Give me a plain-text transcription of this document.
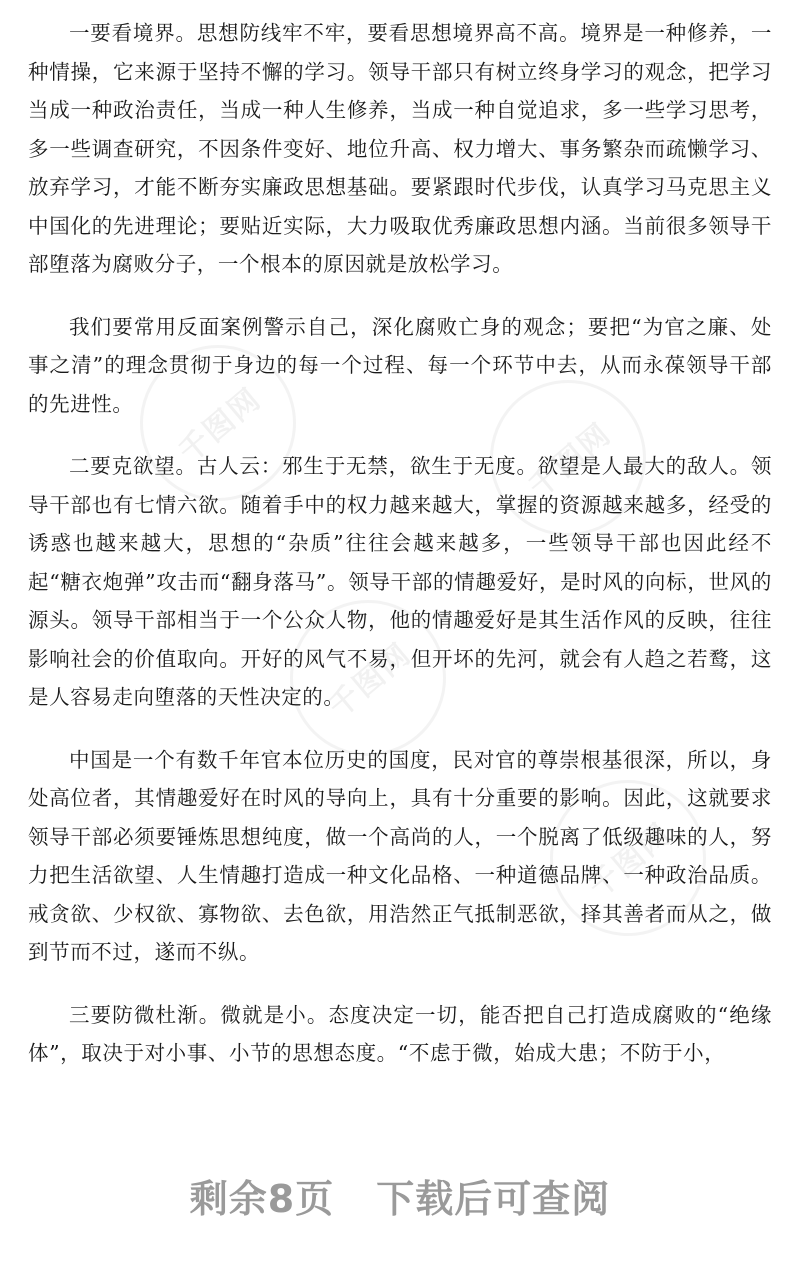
千图网	千图网
千图网
千图网

一要看境界。思想防线牢不牢，要看思想境界高不高。境界是一种修养，一种情操，它来源于坚持不懈的学习。领导干部只有树立终身学习的观念，把学习当成一种政治责任，当成一种人生修养，当成一种自觉追求，多一些学习思考，多一些调查研究，不因条件变好、地位升高、权力增大、事务繁杂而疏懒学习、放弃学习，才能不断夯实廉政思想基础。要紧跟时代步伐，认真学习马克思主义中国化的先进理论；要贴近实际，大力吸取优秀廉政思想内涵。当前很多领导干部堕落为腐败分子，一个根本的原因就是放松学习。

我们要常用反面案例警示自己，深化腐败亡身的观念；要把“为官之廉、处事之清”的理念贯彻于身边的每一个过程、每一个环节中去，从而永葆领导干部的先进性。

二要克欲望。古人云：邪生于无禁，欲生于无度。欲望是人最大的敌人。领导干部也有七情六欲。随着手中的权力越来越大，掌握的资源越来越多，经受的诱惑也越来越大，思想的“杂质”往往会越来越多，一些领导干部也因此经不起“糖衣炮弹”攻击而“翻身落马”。领导干部的情趣爱好，是时风的向标，世风的源头。领导干部相当于一个公众人物，他的情趣爱好是其生活作风的反映，往往影响社会的价值取向。开好的风气不易，但开坏的先河，就会有人趋之若鹜，这是人容易走向堕落的天性决定的。

中国是一个有数千年官本位历史的国度，民对官的尊崇根基很深，所以，身处高位者，其情趣爱好在时风的导向上，具有十分重要的影响。因此，这就要求领导干部必须要锤炼思想纯度，做一个高尚的人，一个脱离了低级趣味的人，努力把生活欲望、人生情趣打造成一种文化品格、一种道德品牌、一种政治品质。戒贪欲、少权欲、寡物欲、去色欲，用浩然正气抵制恶欲，择其善者而从之，做到节而不过，遂而不纵。

三要防微杜渐。微就是小。态度决定一切，能否把自己打造成腐败的“绝缘体”，取决于对小事、小节的思想态度。“不虑于微，始成大患；不防于小，

剩余8页 下载后可查阅
